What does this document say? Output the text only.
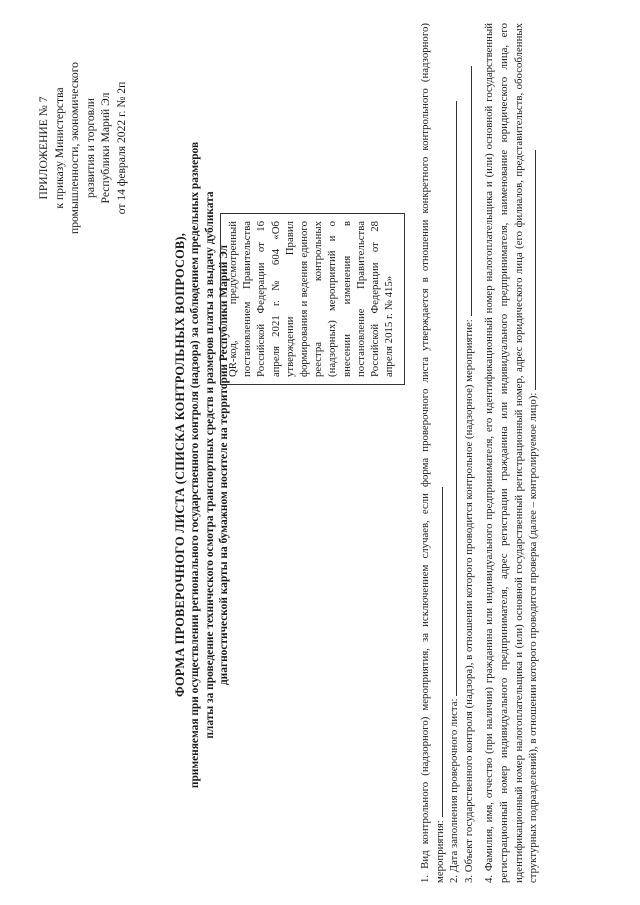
ПРИЛОЖЕНИЕ № 7 к приказу Министерства промышленности, экономического развития и торговли Республики Марий Эл от 14 февраля 2022 г. № 2п
QR-код, предусмотренный постановлением Правительства Российской Федерации от 16 апреля 2021 г. № 604 «Об утверждении Правил формирования и ведения единого реестра контрольных (надзорных) мероприятий и о внесении изменения в постановление Правительства Российской Федерации от 28 апреля 2015 г. № 415»
ФОРМА ПРОВЕРОЧНОГО ЛИСТА (СПИСКА КОНТРОЛЬНЫХ ВОПРОСОВ), применяемая при осуществлении регионального государственного контроля (надзора) за соблюдением предельных размеров платы за проведение технического осмотра транспортных средств и размеров платы за выдачу дубликата диагностической карты на бумажном носителе на территории Республики Марий Эл	1. Вид контрольного (надзорного) мероприятия, за исключением случаев, если форма проверочного листа утверждается в отношении конкретного контрольного (надзорного) мероприятия: 2. Дата заполнения проверочного листа: 3. Объект государственного контроля (надзора), в отношении которого проводится контрольное (надзорное) мероприятие: 4. Фамилия, имя, отчество (при наличии) гражданина или индивидуального предпринимателя, его идентификационный номер налогоплательщика и (или) основной государственный регистрационный номер индивидуального предпринимателя, адрес регистрации гражданина или индивидуального предпринимателя, наименование юридического лица, его идентификационный номер налогоплательщика и (или) основной государственный регистрационный номер, адрес юридического лица (его филиалов, представительств, обособленных структурных подразделений), в отношении которого проводится проверка (далее – контролируемое лицо):
